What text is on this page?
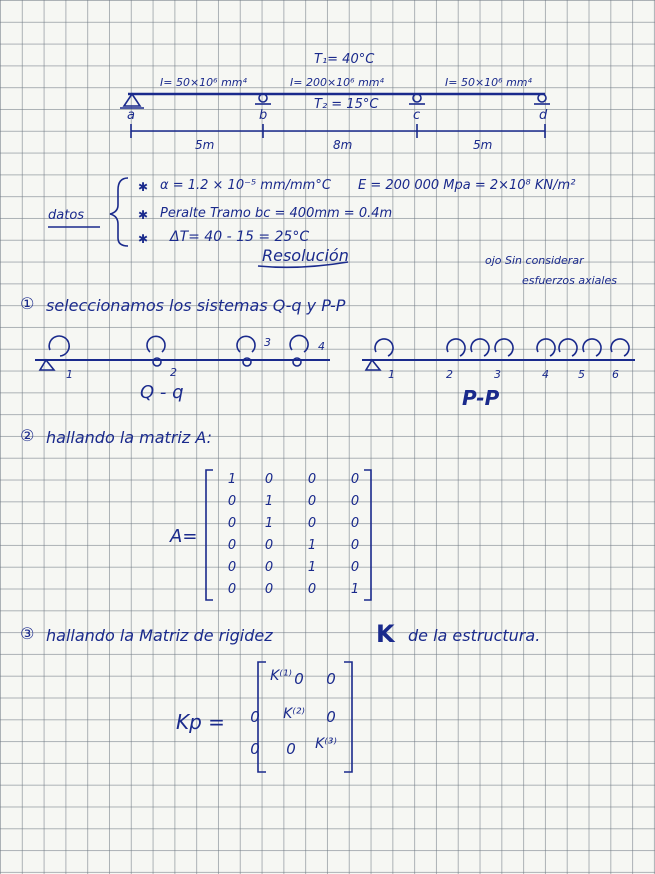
T₁= 40°C
I= 50×10⁶ mm⁴	I= 200×10⁶ mm⁴	I= 50×10⁶ mm⁴
T₂ = 15°C
a	b	c	d
5m	8m	5m
datos
✱ α = 1.2 × 10⁻⁵ mm/mm°C E = 200 000 Mpa = 2×10⁸ KN/m²
✱ Peralte Tramo bc = 400mm = 0.4m
✱ ΔT= 40 - 15 = 25°C
Resolución	ojo Sin considerar
esfuerzos axiales
① seleccionamos los sistemas Q-q y P-P
1	2
3	4
Q - q
1	2	3	4	5 6
P-P
② hallando la matriz A:
A=
1	0	0	0
0	1	0	0
0	1	0	0
0	0	1	0
0	0	1	0
0	0	0	1
③ hallando la Matriz de rigidez	K de la estructura.
Kp =
K⁽¹⁾ 0	0
0	K⁽²⁾	0
0	0	K⁽³⁾
